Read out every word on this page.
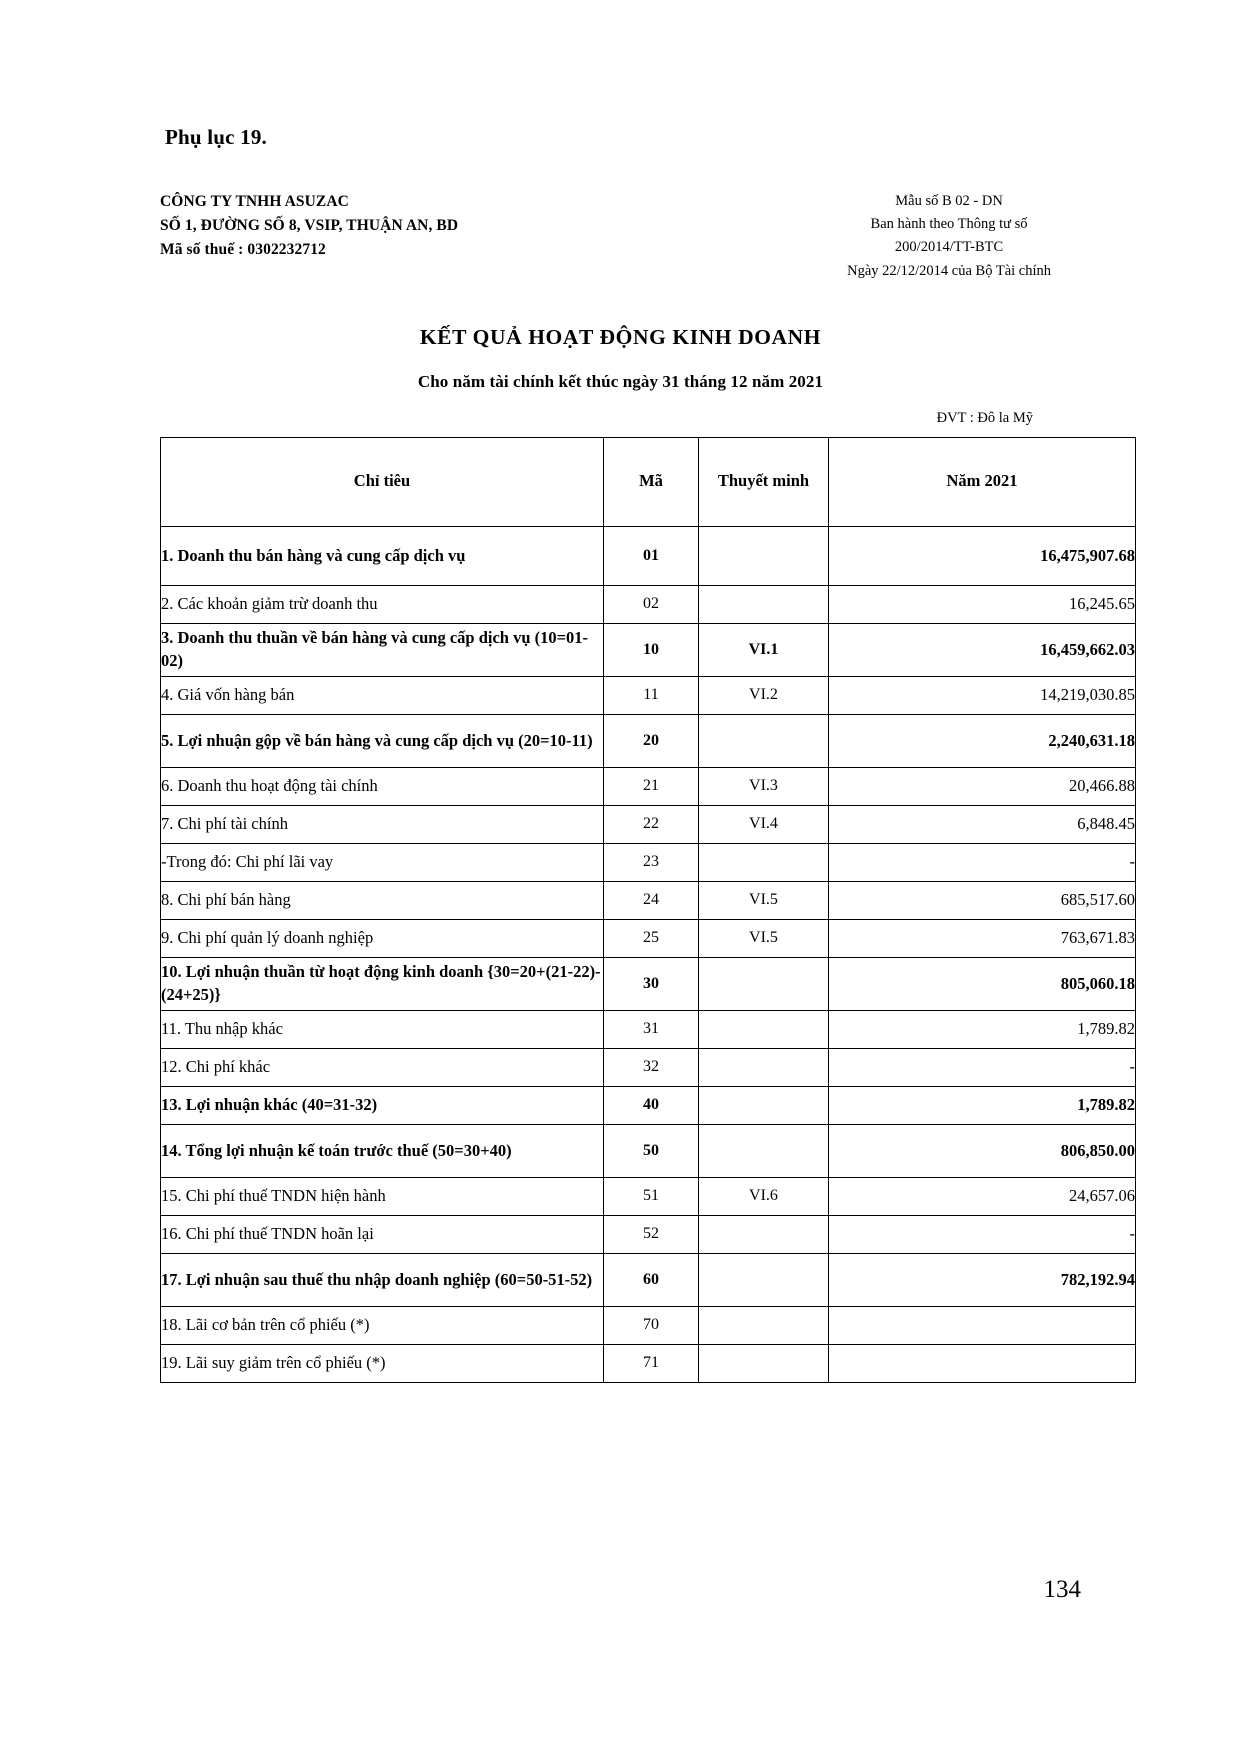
Phụ lục 19.
CÔNG TY TNHH ASUZAC
SỐ 1, ĐƯỜNG SỐ 8, VSIP, THUẬN AN, BD
Mã số thuế : 0302232712
Mẫu số B 02 - DN
Ban hành theo Thông tư số
200/2014/TT-BTC
Ngày 22/12/2014 của Bộ Tài chính
KẾT QUẢ HOẠT ĐỘNG KINH DOANH
Cho năm tài chính kết thúc ngày 31 tháng 12 năm 2021
ĐVT : Đô la Mỹ
Chỉ tiêu	Mã	Thuyết minh	Năm 2021
1. Doanh thu bán hàng và cung cấp dịch vụ	01		16,475,907.68
2. Các khoản giảm trừ doanh thu	02		16,245.65
3. Doanh thu thuần về bán hàng và cung cấp dịch vụ (10=01-02)	10	VI.1	16,459,662.03
4. Giá vốn hàng bán	11	VI.2	14,219,030.85
5. Lợi nhuận gộp về bán hàng và cung cấp dịch vụ (20=10-11)	20		2,240,631.18
6. Doanh thu hoạt động tài chính	21	VI.3	20,466.88
7. Chi phí tài chính	22	VI.4	6,848.45
-Trong đó: Chi phí lãi vay	23		-
8. Chi phí bán hàng	24	VI.5	685,517.60
9. Chi phí quản lý doanh nghiệp	25	VI.5	763,671.83
10. Lợi nhuận thuần từ hoạt động kinh doanh {30=20+(21-22)-(24+25)}	30		805,060.18
11. Thu nhập khác	31		1,789.82
12. Chi phí khác	32		-
13. Lợi nhuận khác (40=31-32)	40		1,789.82
14. Tổng lợi nhuận kế toán trước thuế (50=30+40)	50		806,850.00
15. Chi phí thuế TNDN hiện hành	51	VI.6	24,657.06
16. Chi phí thuế TNDN hoãn lại	52		-
17. Lợi nhuận sau thuế thu nhập doanh nghiệp (60=50-51-52)	60		782,192.94
18. Lãi cơ bản trên cổ phiếu (*)	70		
19. Lãi suy giảm trên cổ phiếu (*)	71		
134
